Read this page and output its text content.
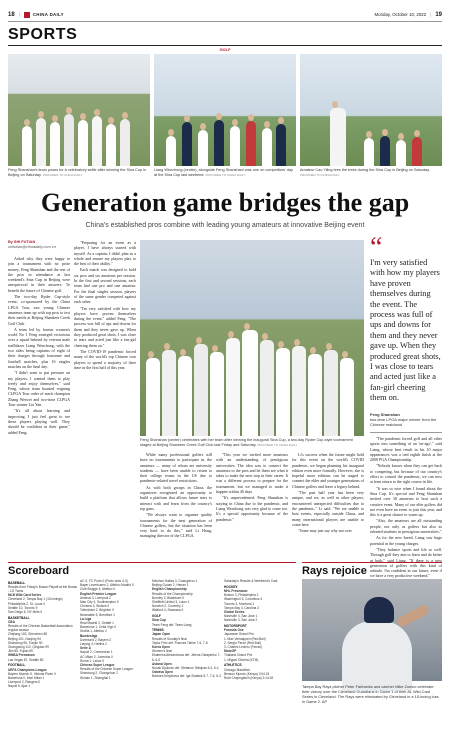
18 |	CHINA DAILY	Monday, October 10, 2022 | 19
SPORTS
GOLF
Feng Shanshan's team poses for a celebratory selfie after winning the Sina Cup in Beijing on Saturday. PROVIDED TO CHINA DAILY
Liang Wenchong (center), alongside Feng Shanshan! was one on competitors' day at the Sina Cup last weekend. PROVIDED TO CHINA DAILY
Amateur Cao Yiling tees the trees during the Sina Cup in Beijing on Saturday. PROVIDED TO CHINA DAILY
Generation game bridges the gap
China's established pros combine with leading young amateurs at innovative Beijing event
By SHI FUTIAN
shifutian@chinadaily.com.cn

Asked why they were happy to join a tournament with no prize money, Feng Shanshan and the rest of the pros in attendance at last weekend's Sina Cup in Beijing were unequivocal in their answers: To benefit the future of Chinese golf.

The two-day Ryder Cup-style event, co-sponsored by the China LPGA Tour, saw young Chinese amateurs team up with top pros to test their mettle at Beijing Shankeer Creek Golf Club.

A team led by former women's world No 1 Feng emerged victorious over a squad helmed by veteran male trailblazer Liang Wenchong, with the two sides being captains of eight of their charges through foursome and fourball matches, plus 16 singles matches on the final day.

"I didn't want to put pressure on my players. I wanted them to play freely and enjoy themselves," said Feng, whose team boasted reigning CLPGA Tour order of merit champion Zhang Weiwei and two-time CLPGA Tour winner Liu Yan.

"It's all about learning and improving. I just feel great to see these players playing well. They should be confident in their game," added Feng.

"Preparing for an event as a player, I have always started with myself. As a captain, I didn't plan as a whole and ensure my players play to the best of their ability."

Each match was designed to hold six pros and six amateurs per session. In the first and second sessions, each team had one pro and one amateur. For the final singles session, players of the same gender competed against each other.

"I'm very satisfied with how my players have proven themselves during the event," added Feng. "The process was full of ups and downs for them and they never gave up. When they produced great shots, I was close to tears and acted just like a fan-girl cheering them on."

The COVID-19 pandemic forced many of the world's top Chinese tour players to spend a majority of their time in the first half of this year.

Feng Shanshan (center) celebrates with her team after winning the inaugural Sina Cup, a two-day Ryder Cup-style tournament staged at Beijing Shankeer Creek Golf Club last Friday and Saturday. PROVIDED TO CHINA DAILY

While many professional golfers still have no tournaments to participate in, the amateurs — many of whom are university students — have been unable to return to their college teams in the US due to pandemic-related travel restrictions.

As with both groups in China, the organizers recognized an opportunity to build a platform that allows future stars to interact with and learn from the country's top guns.

"We always want to organize quality tournaments for the next generation of Chinese golfers, but the situation has been very hard to do this," said Li Hong, managing director of the CLPGA.

"This year we invited more amateurs with an understanding of prestigious universities. The idea was to connect the amateurs to the pros and let them see what it takes to make the next step in their career. It was a different process to prepare for the tournament, but we managed to make it happen within 40 days.

"It's unprecedented. Feng Shanshan is staying in China due to the pandemic, and Liang Wenchong was very glad to come too. It's a special opportunity because of the pandemic."

Li's success when the future might hold for this event on the world's COVID pandemic, we began planning his inaugural edition even more formally. However, she is hopeful more editions can be staged to connect the elder and younger generations of Chinese golfers and leave a legacy behind.

"The past half year has been very unique, and we, as well as other players, encountered unexpected difficulties due to the pandemic," Li said. "We are unable to host events, especially outside China, and many international players are unable to come here.

"Some may just say why not over

“
I'm very satisfied with how my players have proven themselves during the event. The process was full of ups and downs for them and they never gave up. When they produced great shots, I was close to tears and acted just like a fan-girl cheering them on.
Feng Shanshan
two-time LPGA major winner from the Chinese mainland

"The pandemic forced golf and all other sports into something of an 'on-ago'," said Liang, whose best result in his 10 major appearances was a tied eighth finish at the 2008 PGA Championship.

"Nobody knows when they can get back to competing, but because of our country's effort to control the pandemic, we can now at least return to the right course in life.

"It was so nice when I found about the Sina Cup. It's special and Feng Shanshan invited over 30 amateurs to host such a creative event. Many of our elite golfers did not even have an event to join this year, and this is a great chance to warm up.

"Also, the amateurs are all outstanding people, not only as golfers but also as talented students in prestigious universities."

As for the new breed, Liang saw huge potential in the young charges.

"They balance sports and life so well. Through golf they aim to learn and do better at both," said Liang. "If there is a new generation of golfers with this kind of attitude, I'm confident in our future, even if we have a very productive weekend."

Scoreboard
BASEBALL
Results from Friday's Busan Playoff at the Busan - LG Twins

MLB Wild Card Series
Cleveland 2, Tampa Bay 1 (15 innings)
Philadelphia 2, St. Louis 0
Seattle 10, Toronto 9
San Diego 6, NY Mets 0

BASKETBALL
CBA
Results of the Chinese Basketball Association regular season
Zhejiang 103, Shenzhen 88
Beijing 101, Nanjing 94
Shandong 96, Tianjin 90
Guangdong 112, Qingdao 99
Jilin 85, Fujian 80

WNBA Preseason
Las Vegas 87, Seattle 80

FOOTBALL
UEFA Champions League
Bayern Munich 5, Viktoria Plzen 0
Barcelona 0, Inter Milan 1
Liverpool 2, Rangers 0
Napoli 6, Ajax 1

AC 0, FC Porto 0 (Porto wins 4-3)
Bayer Leverkusen 2, Atletico Madrid 0
Club Brugge 4, Atletico 0

English Premier League
Arsenal 3, Liverpool 2
Man City 4, Southampton 0
Chelsea 3, Wolves 0
Tottenham 2, Brighton 0
Newcastle 5, Brentford 1

La Liga
Real Madrid 2, Getafe 1
Barcelona 1, Celta Vigo 0
Sevilla 1, Atletico 2

Bundesliga
Dortmund 2, Bayern 2
Leipzig 4, Hertha 2

Serie A
Napoli 2, Cremonese 1
AC Milan 2, Juventus 0
Roma 1, Lecce 0

Chinese Super League
Results of the Chinese Super League
Shandong 2, Changchun 1
Wuhan 1, Shanghai 1

Meizhou Hakka 3, Guangzhou 1
Beijing Guoan 2, Henan 1

English Championship
Results of the Championship
Burnley 2, Blackburn 0
Sheffield United 3, Luton 1
Norwich 2, Coventry 1
Watford 4, Swansea 0

GOLF
Sina Cup
Team Feng def. Team Liang

TENNIS
Japan Open
Results of Sunday's final
Taylor Fritz def. Frances Tiafoe 7-6, 7-6

Korea Open
Women's final
Ekaterina Alexandrova def. Jelena Ostapenko 7-6, 6-0

Astana Open
Novak Djokovic def. Stefanos Tsitsipas 6-3, 6-4

Ostrava Open
Barbora Krejcikova def. Iga Swiatek 5-7, 7-6, 6-3

Saturday's Results & Weekend's Cast

HOCKEY
NHL Preseason
Boston 3, Philadelphia 2
Washington 5, Columbus 3
Toronto 3, Montreal 1
Tampa Bay 4, Carolina 3

Global Series
Nashville 4, San Jose 1
Nashville 3, San Jose 2

MOTORSPORT
Formula One
Japanese Grand Prix
1. Max Verstappen (Red Bull)
2. Sergio Perez (Red Bull)
3. Charles Leclerc (Ferrari)

MotoGP
Thailand Grand Prix
1. Miguel Oliveira (KTM)

ATHLETICS
Chicago Marathon
Benson Kipruto (Kenya) 2:04:24
Ruth Chepngetich (Kenya) 2:14:18

Rays rejoice
Tampa Bay Rays pitcher Peter Fairbanks and catcher Mike Zunino celebrate their victory over the Cleveland Guardians in Game 1 of their AL Wild Card Series in Cleveland. The Rays were eliminated by Cleveland in a 15-inning loss in Game 2. AP
